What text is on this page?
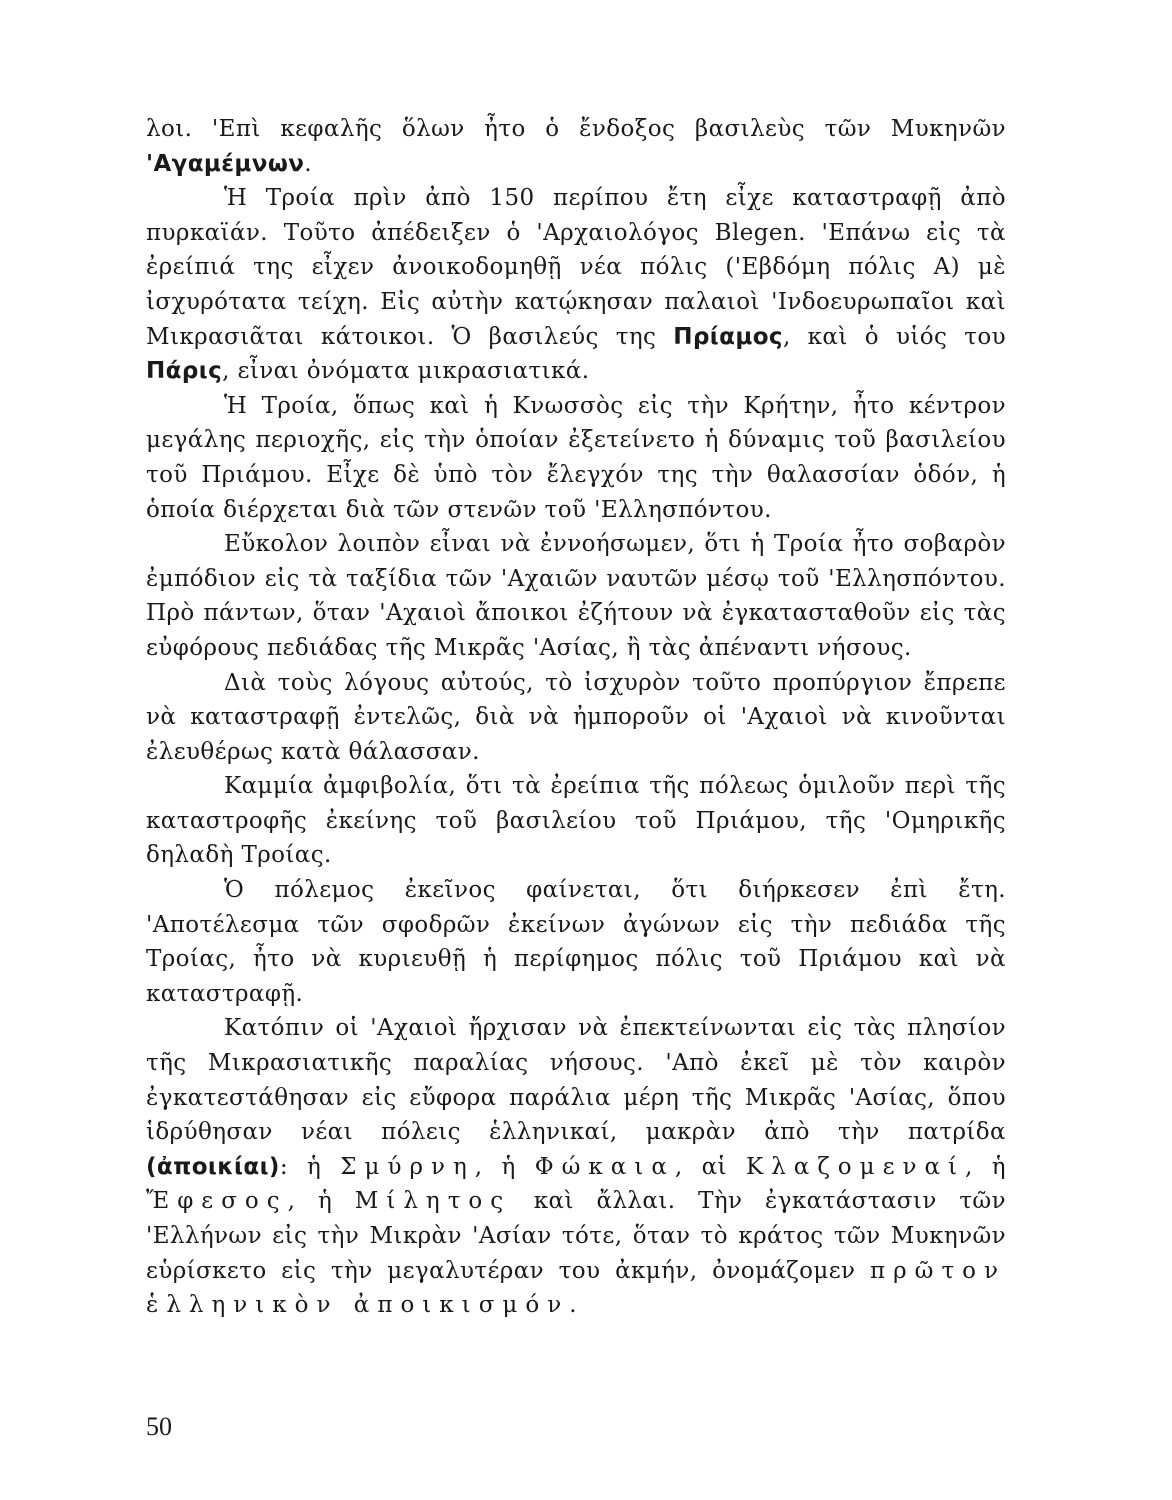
λοι. 'Επὶ κεφαλῆς ὅλων ἦτο ὁ ἔνδοξος βασιλεὺς τῶν Μυκηνῶν 'Αγαμέμνων.

Ἡ Τροία πρὶν ἀπὸ 150 περίπου ἔτη εἶχε καταστραφῇ ἀπὸ πυρκαϊάν. Τοῦτο ἀπέδειξεν ὁ 'Αρχαιολόγος Blegen. 'Επάνω εἰς τὰ ἐρείπιά της εἶχεν ἀνοικοδομηθῇ νέα πόλις ('Εβδόμη πόλις Α) μὲ ἰσχυρότατα τείχη. Εἰς αὐτὴν κατῴκησαν παλαιοὶ 'Ινδοευρωπαῖοι καὶ Μικρασιᾶται κάτοικοι. Ὁ βασιλεύς της Πρίαμος, καὶ ὁ υἱός του Πάρις, εἶναι ὀνόματα μικρασιατικά.

Ἡ Τροία, ὅπως καὶ ἡ Κνωσσὸς εἰς τὴν Κρήτην, ἦτο κέντρον μεγάλης περιοχῆς, εἰς τὴν ὁποίαν ἐξετείνετο ἡ δύναμις τοῦ βασιλείου τοῦ Πριάμου. Εἶχε δὲ ὑπὸ τὸν ἔλεγχόν της τὴν θαλασσίαν ὁδόν, ἡ ὁποία διέρχεται διὰ τῶν στενῶν τοῦ 'Ελλησπόντου.

Εὔκολον λοιπὸν εἶναι νὰ ἐννοήσωμεν, ὅτι ἡ Τροία ἦτο σοβαρὸν ἐμπόδιον εἰς τὰ ταξίδια τῶν 'Αχαιῶν ναυτῶν μέσῳ τοῦ 'Ελλησπόντου. Πρὸ πάντων, ὅταν 'Αχαιοὶ ἄποικοι ἐζήτουν νὰ ἐγκατασταθοῦν εἰς τὰς εὐφόρους πεδιάδας τῆς Μικρᾶς 'Ασίας, ἢ τὰς ἀπέναντι νήσους.

Διὰ τοὺς λόγους αὐτούς, τὸ ἰσχυρὸν τοῦτο προπύργιον ἔπρεπε νὰ καταστραφῇ ἐντελῶς, διὰ νὰ ἠμποροῦν οἱ 'Αχαιοὶ νὰ κινοῦνται ἐλευθέρως κατὰ θάλασσαν.

Καμμία ἀμφιβολία, ὅτι τὰ ἐρείπια τῆς πόλεως ὁμιλοῦν περὶ τῆς καταστροφῆς ἐκείνης τοῦ βασιλείου τοῦ Πριάμου, τῆς 'Ομηρικῆς δηλαδὴ Τροίας.

Ὁ πόλεμος ἐκεῖνος φαίνεται, ὅτι διήρκεσεν ἐπὶ ἔτη. 'Αποτέλεσμα τῶν σφοδρῶν ἐκείνων ἀγώνων εἰς τὴν πεδιάδα τῆς Τροίας, ἦτο νὰ κυριευθῇ ἡ περίφημος πόλις τοῦ Πριάμου καὶ νὰ καταστραφῇ.

Κατόπιν οἱ 'Αχαιοὶ ἤρχισαν νὰ ἐπεκτείνωνται εἰς τὰς πλησίον τῆς Μικρασιατικῆς παραλίας νήσους. 'Απὸ ἐκεῖ μὲ τὸν καιρὸν ἐγκατεστάθησαν εἰς εὔφορα παράλια μέρη τῆς Μικρᾶς 'Ασίας, ὅπου ἱδρύθησαν νέαι πόλεις ἑλληνικαί, μακρὰν ἀπὸ τὴν πατρίδα (ἀποικίαι): ἡ Σμύρνη, ἡ Φώκαια, αἱ Κλαζομεναί, ἡ Ἔφεσος, ἡ Μίλητος καὶ ἄλλαι. Τὴν ἐγκατάστασιν τῶν 'Ελλήνων εἰς τὴν Μικρὰν 'Ασίαν τότε, ὅταν τὸ κράτος τῶν Μυκηνῶν εὑρίσκετο εἰς τὴν μεγαλυτέραν του ἀκμήν, ὀνομάζομεν πρῶτον ἑλληνικὸν ἀποικισμόν.

50
